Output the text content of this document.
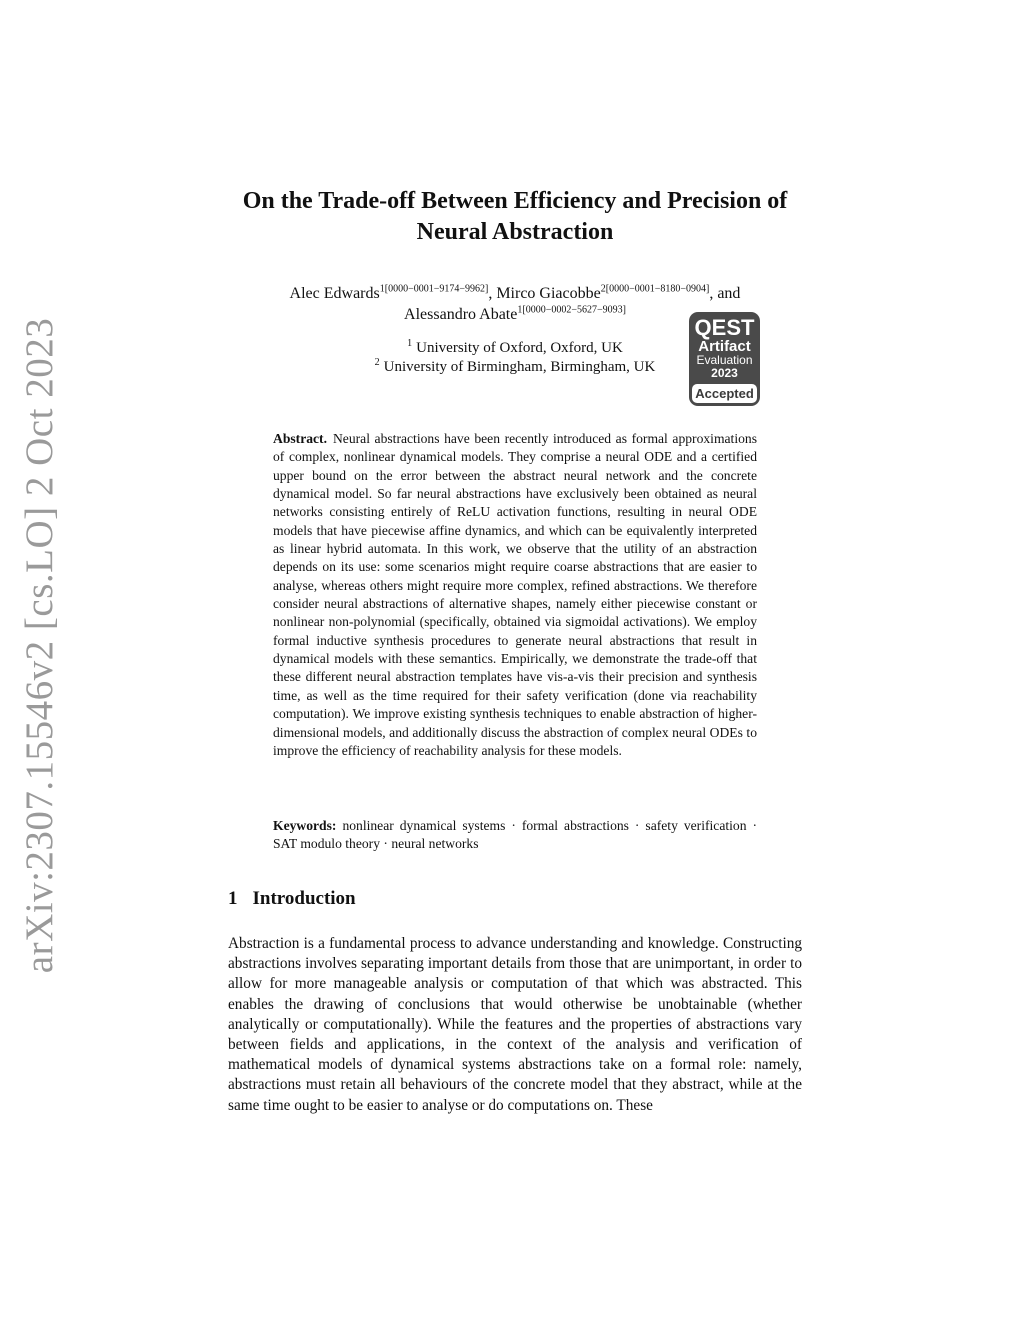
arXiv:2307.15546v2 [cs.LO] 2 Oct 2023
On the Trade-off Between Efficiency and Precision of Neural Abstraction
Alec Edwards$^{1[0000-0001-9174-9962]}$, Mirco Giacobbe$^{2[0000-0001-8180-0904]}$, and
Alessandro Abate$^{1[0000-0002-5627-9093]}$
$^1$ University of Oxford, Oxford, UK
$^2$ University of Birmingham, Birmingham, UK
QEST
Artifact
Evaluation
2023
Accepted

Abstract. Neural abstractions have been recently introduced as formal approximations of complex, nonlinear dynamical models. They comprise a neural ODE and a certified upper bound on the error between the abstract neural network and the concrete dynamical model. So far neural abstractions have exclusively been obtained as neural networks consisting entirely of ReLU activation functions, resulting in neural ODE models that have piecewise affine dynamics, and which can be equivalently interpreted as linear hybrid automata. In this work, we observe that the utility of an abstraction depends on its use: some scenarios might require coarse abstractions that are easier to analyse, whereas others might require more complex, refined abstractions. We therefore consider neural abstractions of alternative shapes, namely either piecewise constant or nonlinear non-polynomial (specifically, obtained via sigmoidal activations). We employ formal inductive synthesis procedures to generate neural abstractions that result in dynamical models with these semantics. Empirically, we demonstrate the trade-off that these different neural abstraction templates have vis-a-vis their precision and synthesis time, as well as the time required for their safety verification (done via reachability computation). We improve existing synthesis techniques to enable abstraction of higher-dimensional models, and additionally discuss the abstraction of complex neural ODEs to improve the efficiency of reachability analysis for these models.

Keywords: nonlinear dynamical systems · formal abstractions · safety verification · SAT modulo theory · neural networks

1 Introduction

Abstraction is a fundamental process to advance understanding and knowledge. Constructing abstractions involves separating important details from those that are unimportant, in order to allow for more manageable analysis or computation of that which was abstracted. This enables the drawing of conclusions that would otherwise be unobtainable (whether analytically or computationally). While the features and the properties of abstractions vary between fields and applications, in the context of the analysis and verification of mathematical models of dynamical systems abstractions take on a formal role: namely, abstractions must retain all behaviours of the concrete model that they abstract, while at the same time ought to be easier to analyse or do computations on. These
